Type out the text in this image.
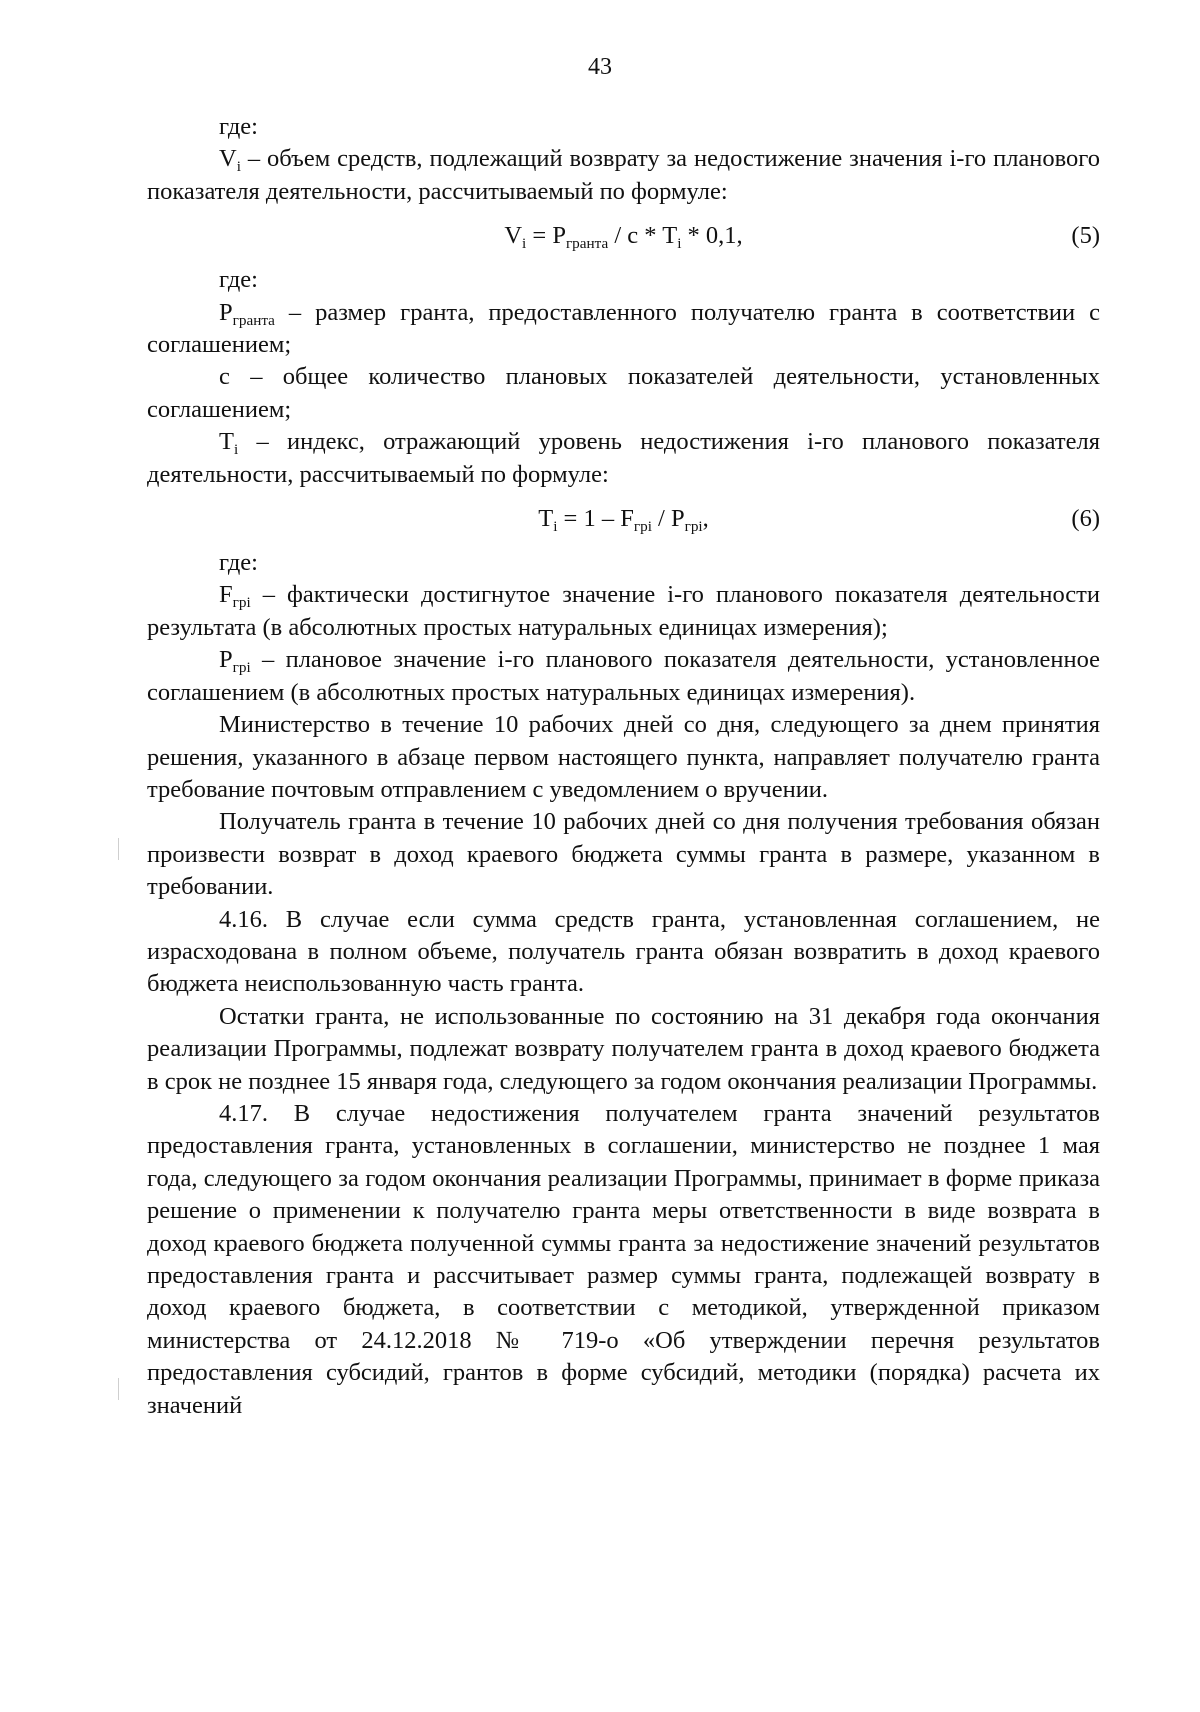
43

где:

$V_i$ – объем средств, подлежащий возврату за недостижение значения i-го планового показателя деятельности, рассчитываемый по формуле:

$V_i = P_{гранта} / c * T_i * 0,1$,	(5)

где:

$P_{гранта}$ – размер гранта, предоставленного получателю гранта в соответствии с соглашением;

c – общее количество плановых показателей деятельности, установленных соглашением;

$T_i$ – индекс, отражающий уровень недостижения i-го планового показателя деятельности, рассчитываемый по формуле:

$T_i = 1 - F_{грi} / P_{грi}$,	(6)

где:

$F_{грi}$ – фактически достигнутое значение i-го планового показателя деятельности результата (в абсолютных простых натуральных единицах измерения);

$P_{грi}$ – плановое значение i-го планового показателя деятельности, установленное соглашением (в абсолютных простых натуральных единицах измерения).

Министерство в течение 10 рабочих дней со дня, следующего за днем принятия решения, указанного в абзаце первом настоящего пункта, направляет получателю гранта требование почтовым отправлением с уведомлением о вручении.

Получатель гранта в течение 10 рабочих дней со дня получения требования обязан произвести возврат в доход краевого бюджета суммы гранта в размере, указанном в требовании.

4.16. В случае если сумма средств гранта, установленная соглашением, не израсходована в полном объеме, получатель гранта обязан возвратить в доход краевого бюджета неиспользованную часть гранта.

Остатки гранта, не использованные по состоянию на 31 декабря года окончания реализации Программы, подлежат возврату получателем гранта в доход краевого бюджета в срок не позднее 15 января года, следующего за годом окончания реализации Программы.

4.17. В случае недостижения получателем гранта значений результатов предоставления гранта, установленных в соглашении, министерство не позднее 1 мая года, следующего за годом окончания реализации Программы, принимает в форме приказа решение о применении к получателю гранта меры ответственности в виде возврата в доход краевого бюджета полученной суммы гранта за недостижение значений результатов предоставления гранта и рассчитывает размер суммы гранта, подлежащей возврату в доход краевого бюджета, в соответствии с методикой, утвержденной приказом министерства от 24.12.2018 № 719-о «Об утверждении перечня результатов предоставления субсидий, грантов в форме субсидий, методики (порядка) расчета их значений
